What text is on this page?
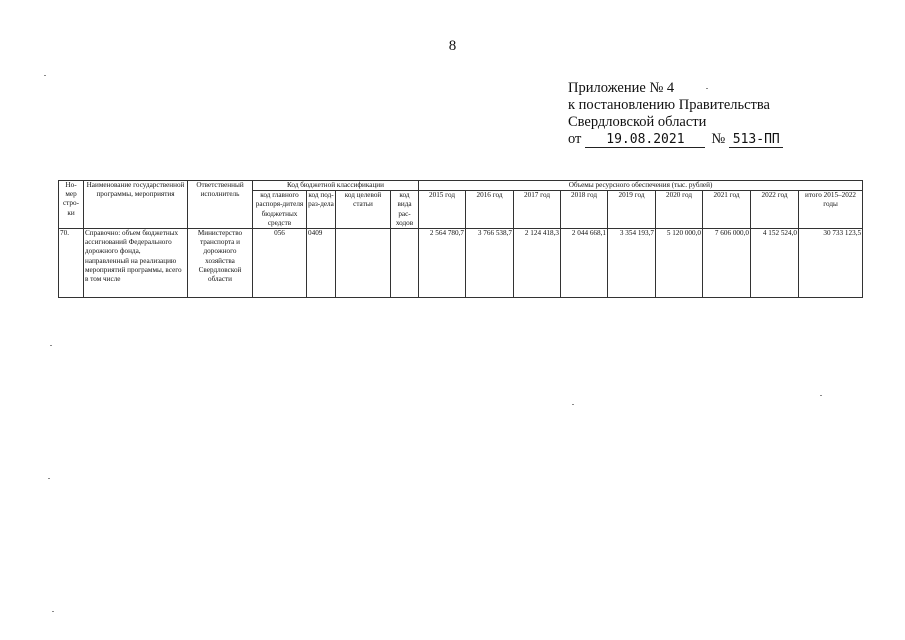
8
Приложение № 4
к постановлению Правительства
Свердловской области
от 19.08.2021 № 513-ПП
Но-мер стро-ки	Наименование государственной программы, мероприятия	Ответственный исполнитель	Код бюджетной классификации				Объемы ресурсного обеспечения (тыс. рублей)								
			код главного распоря-дителя бюджетных средств	код под-раз-дела	код целевой статьи	код вида рас-ходов	2015 год	2016 год	2017 год	2018 год	2019 год	2020 год	2021 год	2022 год	итого 2015–2022 годы
70.	Справочно: объем бюджетных ассигнований Федерального дорожного фонда, направленный на реализацию мероприятий программы, всего в том числе	Министерство транспорта и дорожного хозяйства Свердловской области	056	0409			2 564 780,7	3 766 538,7	2 124 418,3	2 044 668,1	3 354 193,7	5 120 000,0	7 606 000,0	4 152 524,0	30 733 123,5
